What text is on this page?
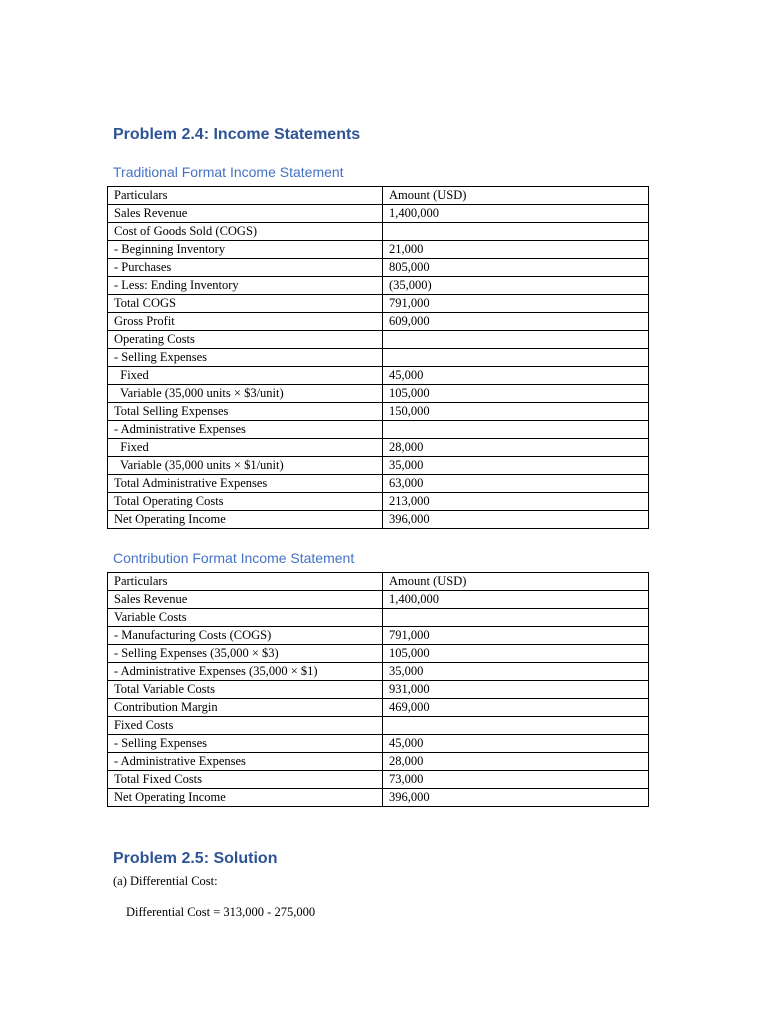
Problem 2.4: Income Statements
Traditional Format Income Statement
Particulars	Amount (USD)
Sales Revenue	1,400,000
Cost of Goods Sold (COGS)	
- Beginning Inventory	21,000
- Purchases	805,000
- Less: Ending Inventory	(35,000)
Total COGS	791,000
Gross Profit	609,000
Operating Costs	
- Selling Expenses	
Fixed	45,000
Variable (35,000 units × $3/unit)	105,000
Total Selling Expenses	150,000
- Administrative Expenses	
Fixed	28,000
Variable (35,000 units × $1/unit)	35,000
Total Administrative Expenses	63,000
Total Operating Costs	213,000
Net Operating Income	396,000
Contribution Format Income Statement
Particulars	Amount (USD)
Sales Revenue	1,400,000
Variable Costs	
- Manufacturing Costs (COGS)	791,000
- Selling Expenses (35,000 × $3)	105,000
- Administrative Expenses (35,000 × $1)	35,000
Total Variable Costs	931,000
Contribution Margin	469,000
Fixed Costs	
- Selling Expenses	45,000
- Administrative Expenses	28,000
Total Fixed Costs	73,000
Net Operating Income	396,000
Problem 2.5: Solution

(a) Differential Cost:

Differential Cost = 313,000 - 275,000
